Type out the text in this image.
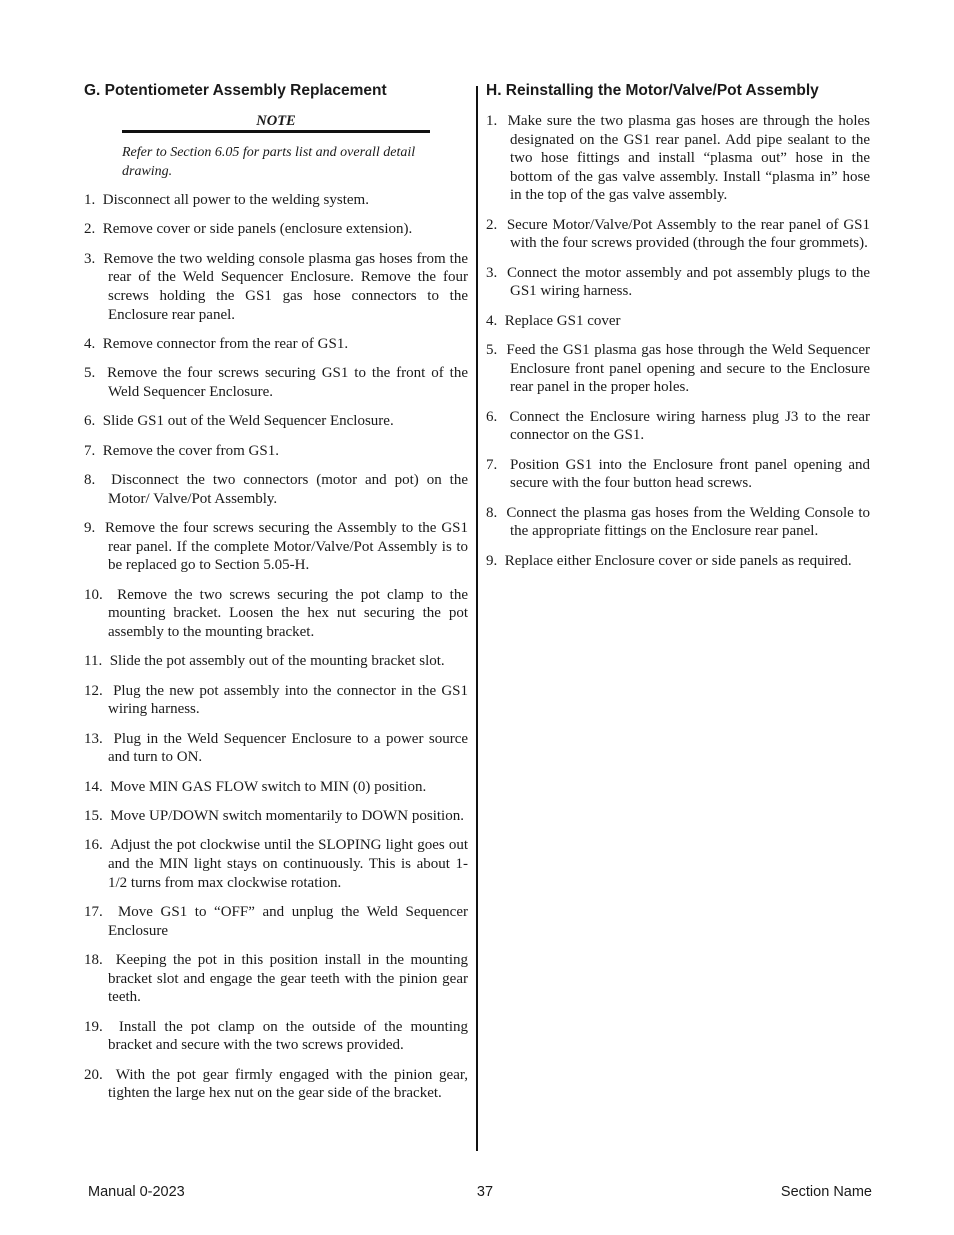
G. Potentiometer Assembly Replacement
NOTE
Refer to Section 6.05 for parts list and overall detail drawing.
1. Disconnect all power to the welding system.
2. Remove cover or side panels (enclosure extension).
3. Remove the two welding console plasma gas hoses from the rear of the Weld Sequencer Enclosure. Remove the four screws holding the GS1 gas hose connectors to the Enclosure rear panel.
4. Remove connector from the rear of GS1.
5. Remove the four screws securing GS1 to the front of the Weld Sequencer Enclosure.
6. Slide GS1 out of the Weld Sequencer Enclosure.
7. Remove the cover from GS1.
8. Disconnect the two connectors (motor and pot) on the Motor/ Valve/Pot Assembly.
9. Remove the four screws securing the Assembly to the GS1 rear panel. If the complete Motor/Valve/Pot Assembly is to be replaced go to Section 5.05-H.
10. Remove the two screws securing the pot clamp to the mounting bracket. Loosen the hex nut securing the pot assembly to the mounting bracket.
11. Slide the pot assembly out of the mounting bracket slot.
12. Plug the new pot assembly into the connector in the GS1 wiring harness.
13. Plug in the Weld Sequencer Enclosure to a power source and turn to ON.
14. Move MIN GAS FLOW switch to MIN (0) position.
15. Move UP/DOWN switch momentarily to DOWN position.
16. Adjust the pot clockwise until the SLOPING light goes out and the MIN light stays on continuously. This is about 1-1/2 turns from max clockwise rotation.
17. Move GS1 to “OFF” and unplug the Weld Sequencer Enclosure
18. Keeping the pot in this position install in the mounting bracket slot and engage the gear teeth with the pinion gear teeth.
19. Install the pot clamp on the outside of the mounting bracket and secure with the two screws provided.
20. With the pot gear firmly engaged with the pinion gear, tighten the large hex nut on the gear side of the bracket.
H. Reinstalling the Motor/Valve/Pot Assembly
1. Make sure the two plasma gas hoses are through the holes designated on the GS1 rear panel. Add pipe sealant to the two hose fittings and install “plasma out” hose in the bottom of the gas valve assembly. Install “plasma in” hose in the top of the gas valve assembly.
2. Secure Motor/Valve/Pot Assembly to the rear panel of GS1 with the four screws provided (through the four grommets).
3. Connect the motor assembly and pot assembly plugs to the GS1 wiring harness.
4. Replace GS1 cover
5. Feed the GS1 plasma gas hose through the Weld Sequencer Enclosure front panel opening and secure to the Enclosure rear panel in the proper holes.
6. Connect the Enclosure wiring harness plug J3 to the rear connector on the GS1.
7. Position GS1 into the Enclosure front panel opening and secure with the four button head screws.
8. Connect the plasma gas hoses from the Welding Console to the appropriate fittings on the Enclosure rear panel.
9. Replace either Enclosure cover or side panels as required.
Manual 0-2023	37	Section Name
